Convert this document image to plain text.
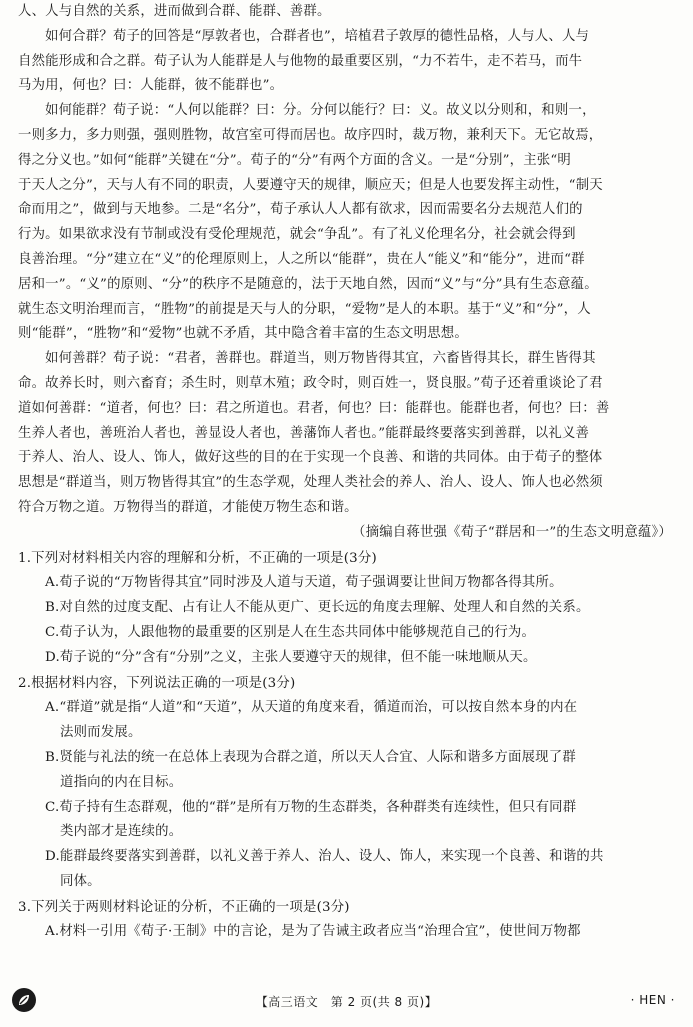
人、人与自然的关系，进而做到合群、能群、善群。
如何合群？荀子的回答是“厚敦者也，合群者也”，培植君子敦厚的德性品格，人与人、人与
自然能形成和合之群。荀子认为人能群是人与他物的最重要区别，“力不若牛，走不若马，而牛
马为用，何也？曰：人能群，彼不能群也”。
如何能群？荀子说：“人何以能群？曰：分。分何以能行？曰：义。故义以分则和，和则一，
一则多力，多力则强，强则胜物，故宫室可得而居也。故序四时，裁万物，兼利天下。无它故焉，
得之分义也。”如何“能群”关键在“分”。荀子的“分”有两个方面的含义。一是“分别”，主张“明
于天人之分”，天与人有不同的职责，人要遵守天的规律，顺应天；但是人也要发挥主动性，“制天
命而用之”，做到与天地参。二是“名分”，荀子承认人人都有欲求，因而需要名分去规范人们的
行为。如果欲求没有节制或没有受伦理规范，就会“争乱”。有了礼义伦理名分，社会就会得到
良善治理。“分”建立在“义”的伦理原则上，人之所以“能群”，贵在人“能义”和“能分”，进而“群
居和一”。“义”的原则、“分”的秩序不是随意的，法于天地自然，因而“义”与“分”具有生态意蕴。
就生态文明治理而言，“胜物”的前提是天与人的分职，“爱物”是人的本职。基于“义”和“分”，人
则“能群”，“胜物”和“爱物”也就不矛盾，其中隐含着丰富的生态文明思想。
如何善群？荀子说：“君者，善群也。群道当，则万物皆得其宜，六畜皆得其长，群生皆得其
命。故养长时，则六畜育；杀生时，则草木殖；政令时，则百姓一，贤良服。”荀子还着重谈论了君
道如何善群：“道者，何也？曰：君之所道也。君者，何也？曰：能群也。能群也者，何也？曰：善
生养人者也，善班治人者也，善显设人者也，善藩饰人者也。”能群最终要落实到善群，以礼义善
于养人、治人、设人、饰人，做好这些的目的在于实现一个良善、和谐的共同体。由于荀子的整体
思想是“群道当，则万物皆得其宜”的生态学观，处理人类社会的养人、治人、设人、饰人也必然须
符合万物之道。万物得当的群道，才能使万物生态和谐。
（摘编自蒋世强《荀子“群居和一”的生态文明意蕴》）
1.下列对材料相关内容的理解和分析，不正确的一项是(3分)
A.荀子说的“万物皆得其宜”同时涉及人道与天道，荀子强调要让世间万物都各得其所。
B.对自然的过度支配、占有让人不能从更广、更长远的角度去理解、处理人和自然的关系。
C.荀子认为，人跟他物的最重要的区别是人在生态共同体中能够规范自己的行为。
D.荀子说的“分”含有“分别”之义，主张人要遵守天的规律，但不能一味地顺从天。
2.根据材料内容，下列说法正确的一项是(3分)
A.“群道”就是指“人道”和“天道”，从天道的角度来看，循道而治，可以按自然本身的内在
法则而发展。
B.贤能与礼法的统一在总体上表现为合群之道，所以天人合宜、人际和谐多方面展现了群
道指向的内在目标。
C.荀子持有生态群观，他的“群”是所有万物的生态群类，各种群类有连续性，但只有同群
类内部才是连续的。
D.能群最终要落实到善群，以礼义善于养人、治人、设人、饰人，来实现一个良善、和谐的共
同体。
3.下列关于两则材料论证的分析，不正确的一项是(3分)
A.材料一引用《荀子·王制》中的言论，是为了告诫主政者应当“治理合宜”，使世间万物都
【高三语文　第 2 页(共 8 页)】	· HEN ·
